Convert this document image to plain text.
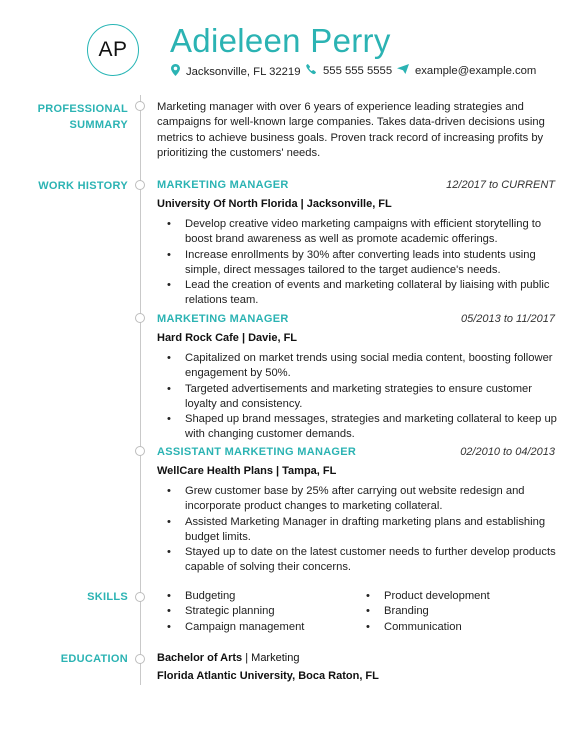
AP Adieleen Perry
Jacksonville, FL 32219 555 555 5555 example@example.com
PROFESSIONAL
SUMMARY
WORK HISTORY
SKILLS
EDUCATION
Marketing manager with over 6 years of experience leading strategies and campaigns for well-known large companies. Takes data-driven decisions using metrics to achieve business goals. Proven track record of increasing profits by prioritizing the customers' needs.
MARKETING MANAGER	12/2017 to CURRENT
University Of North Florida | Jacksonville, FL
• Develop creative video marketing campaigns with efficient storytelling to boost brand awareness as well as promote academic offerings.
• Increase enrollments by 30% after converting leads into students using simple, direct messages tailored to the target audience's needs.
• Lead the creation of events and marketing collateral by liaising with public relations team.
MARKETING MANAGER	05/2013 to 11/2017
Hard Rock Cafe | Davie, FL
• Capitalized on market trends using social media content, boosting follower engagement by 50%.
• Targeted advertisements and marketing strategies to ensure customer loyalty and consistency.
• Shaped up brand messages, strategies and marketing collateral to keep up with changing customer demands.
ASSISTANT MARKETING MANAGER	02/2010 to 04/2013
WellCare Health Plans | Tampa, FL
• Grew customer base by 25% after carrying out website redesign and incorporate product changes to marketing collateral.
• Assisted Marketing Manager in drafting marketing plans and establishing budget limits.
• Stayed up to date on the latest customer needs to further develop products capable of solving their concerns.
• Budgeting
• Strategic planning
• Campaign management
• Product development
• Branding
• Communication
Bachelor of Arts | Marketing
Florida Atlantic University, Boca Raton, FL
